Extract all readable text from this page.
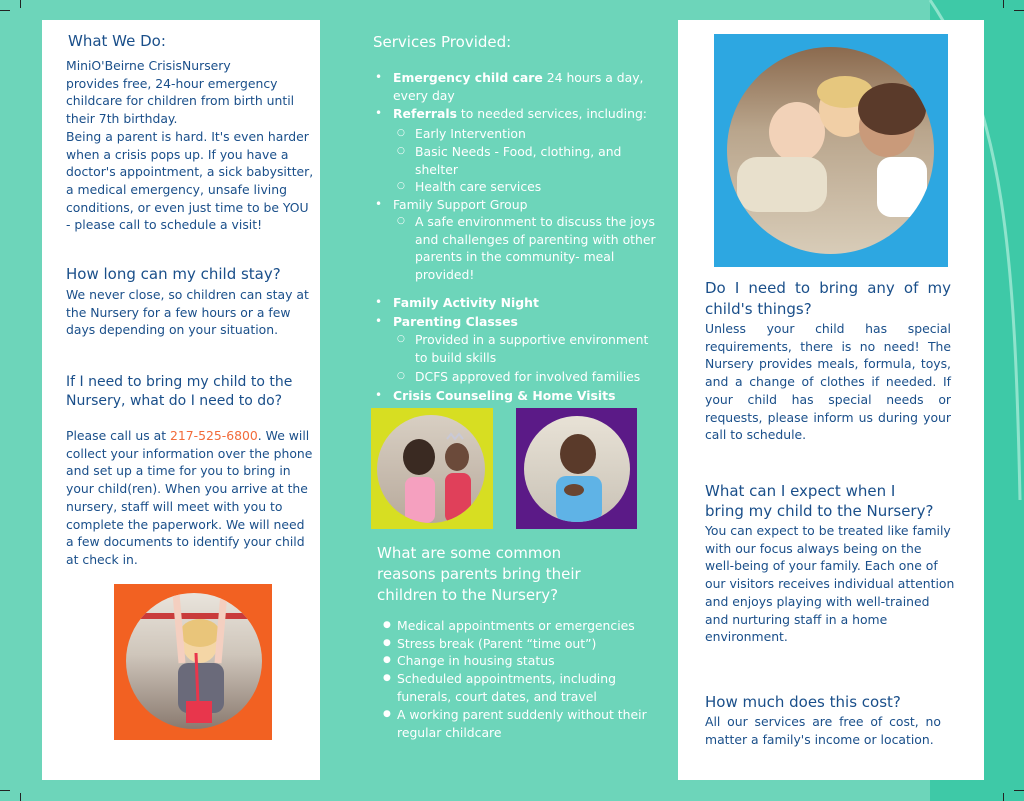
What We Do:
MiniO'Beirne CrisisNursery
provides free, 24-hour emergency
childcare for children from birth until
their 7th birthday.
Being a parent is hard. It's even harder
when a crisis pops up. If you have a
doctor's appointment, a sick babysitter,
a medical emergency, unsafe living
conditions, or even just time to be YOU
- please call to schedule a visit!
How long can my child stay?
We never close, so children can stay at
the Nursery for a few hours or a few
days depending on your situation.
If I need to bring my child to the
Nursery, what do I need to do?
Please call us at 217-525-6800. We will
collect your information over the phone
and set up a time for you to bring in
your child(ren). When you arrive at the
nursery, staff will meet with you to
complete the paperwork. We will need
a few documents to identify your child
at check in.
Services Provided:
• Emergency child care 24 hours a day,
every day
• Referrals to needed services, including:
○ Early Intervention
○ Basic Needs - Food, clothing, and
shelter
○ Health care services
• Family Support Group
○ A safe environment to discuss the joys
and challenges of parenting with other
parents in the community- meal
provided!
• Family Activity Night
• Parenting Classes
○ Provided in a supportive environment
to build skills
○ DCFS approved for involved families
• Crisis Counseling & Home Visits
What are some common
reasons parents bring their
children to the Nursery?
● Medical appointments or emergencies
● Stress break (Parent “time out”)
● Change in housing status
● Scheduled appointments, including
funerals, court dates, and travel
● A working parent suddenly without their
regular childcare
Do I need to bring any of my
child's things?
Unless your child has special
requirements, there is no need! The
Nursery provides meals, formula, toys,
and a change of clothes if needed. If
your child has special needs or
requests, please inform us during your
call to schedule.
What can I expect when I
bring my child to the Nursery?
You can expect to be treated like family
with our focus always being on the
well-being of your family. Each one of
our visitors receives individual attention
and enjoys playing with well-trained
and nurturing staff in a home
environment.
How much does this cost?
All our services are free of cost, no
matter a family's income or location.
